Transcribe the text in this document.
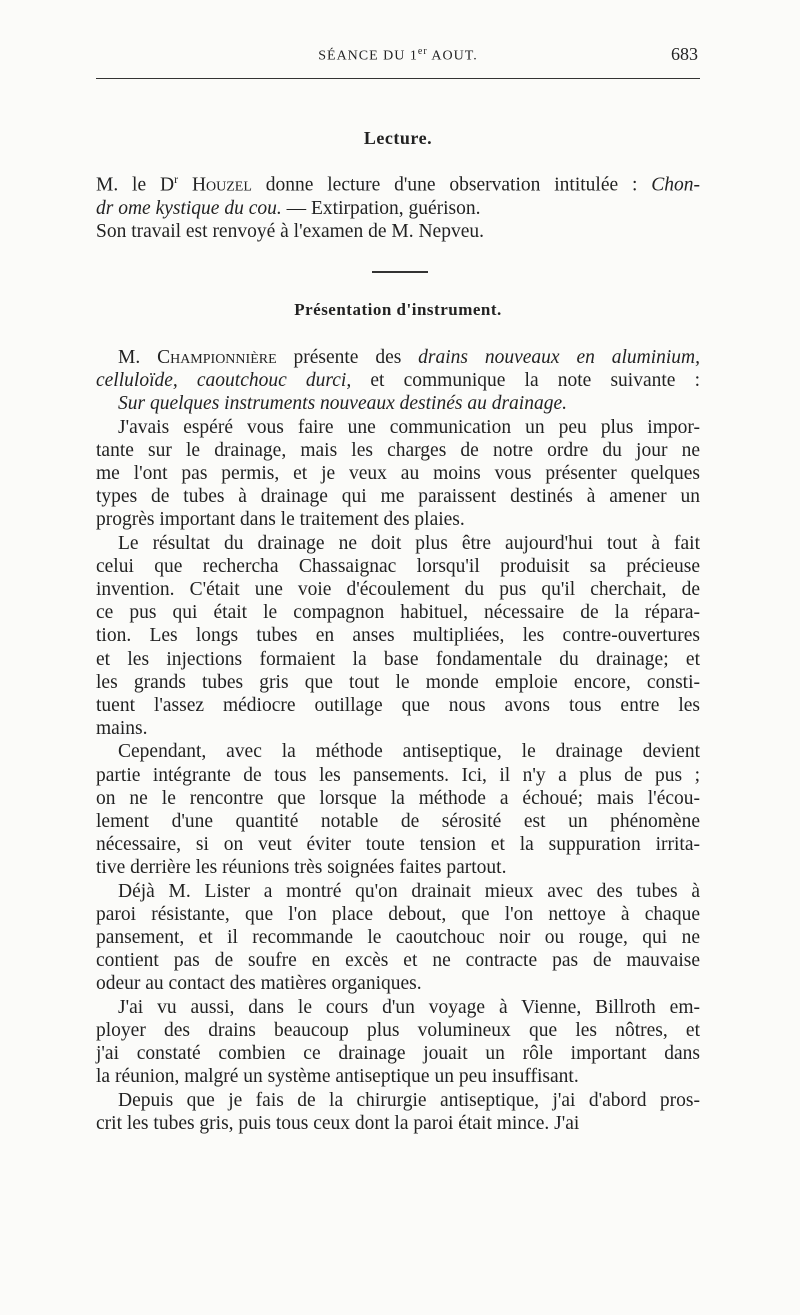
SÉANCE DU 1er AOUT.	683
Lecture.
M. le $D^r$ Houzel donne lecture d'une observation intitulée : Chon-
dr ome kystique du cou. — Extirpation, guérison.
Son travail est renvoyé à l'examen de M. Nepveu.
Présentation d'instrument.
M. Championnière présente des drains nouveaux en aluminium,
celluloïde, caoutchouc durci, et communique la note suivante :
Sur quelques instruments nouveaux destinés au drainage.
J'avais espéré vous faire une communication un peu plus impor-
tante sur le drainage, mais les charges de notre ordre du jour ne
me l'ont pas permis, et je veux au moins vous présenter quelques
types de tubes à drainage qui me paraissent destinés à amener un
progrès important dans le traitement des plaies.
Le résultat du drainage ne doit plus être aujourd'hui tout à fait
celui que rechercha Chassaignac lorsqu'il produisit sa précieuse
invention. C'était une voie d'écoulement du pus qu'il cherchait, de
ce pus qui était le compagnon habituel, nécessaire de la répara-
tion. Les longs tubes en anses multipliées, les contre-ouvertures
et les injections formaient la base fondamentale du drainage; et
les grands tubes gris que tout le monde emploie encore, consti-
tuent l'assez médiocre outillage que nous avons tous entre les
mains.
Cependant, avec la méthode antiseptique, le drainage devient
partie intégrante de tous les pansements. Ici, il n'y a plus de pus ;
on ne le rencontre que lorsque la méthode a échoué; mais l'écou-
lement d'une quantité notable de sérosité est un phénomène
nécessaire, si on veut éviter toute tension et la suppuration irrita-
tive derrière les réunions très soignées faites partout.
Déjà M. Lister a montré qu'on drainait mieux avec des tubes à
paroi résistante, que l'on place debout, que l'on nettoye à chaque
pansement, et il recommande le caoutchouc noir ou rouge, qui ne
contient pas de soufre en excès et ne contracte pas de mauvaise
odeur au contact des matières organiques.
J'ai vu aussi, dans le cours d'un voyage à Vienne, Billroth em-
ployer des drains beaucoup plus volumineux que les nôtres, et
j'ai constaté combien ce drainage jouait un rôle important dans
la réunion, malgré un système antiseptique un peu insuffisant.
Depuis que je fais de la chirurgie antiseptique, j'ai d'abord pros-
crit les tubes gris, puis tous ceux dont la paroi était mince. J'ai
